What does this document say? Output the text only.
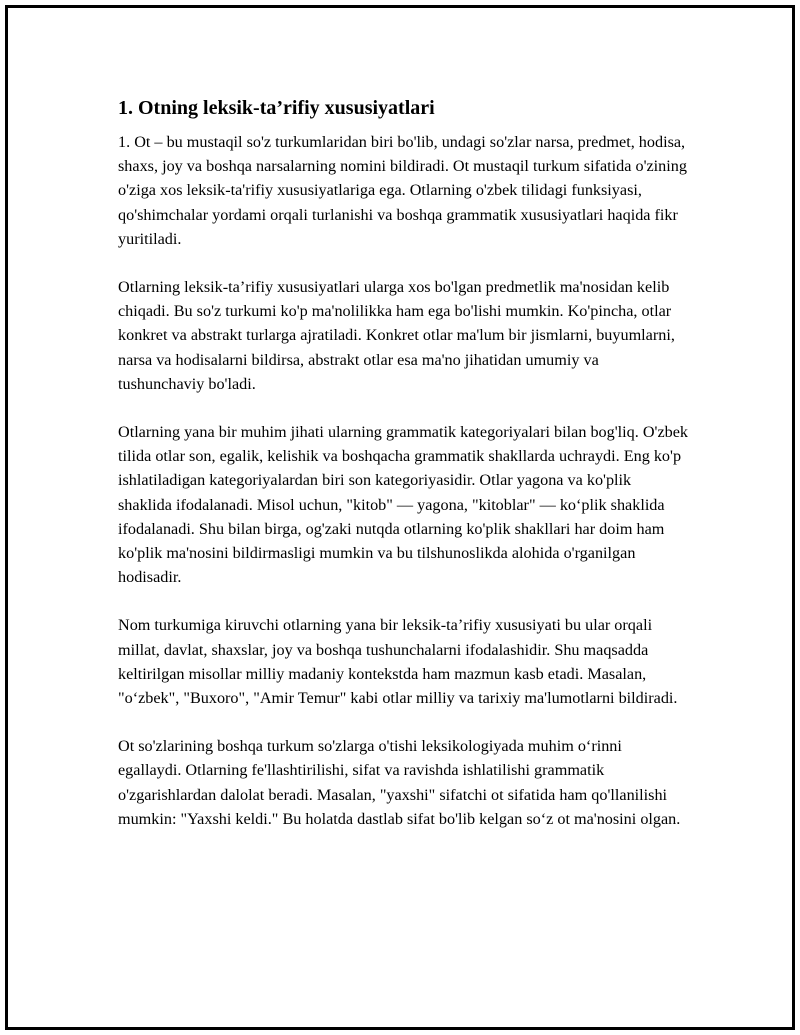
1. Otning leksik-ta’rifiy xususiyatlari

1. Ot – bu mustaqil so'z turkumlaridan biri bo'lib, undagi so'zlar narsa, predmet, hodisa, shaxs, joy va boshqa narsalarning nomini bildiradi. Ot mustaqil turkum sifatida o'zining o'ziga xos leksik-ta'rifiy xususiyatlariga ega. Otlarning o'zbek tilidagi funksiyasi, qo'shimchalar yordami orqali turlanishi va boshqa grammatik xususiyatlari haqida fikr yuritiladi.

Otlarning leksik-ta’rifiy xususiyatlari ularga xos bo'lgan predmetlik ma'nosidan kelib chiqadi. Bu so'z turkumi ko'p ma'nolilikka ham ega bo'lishi mumkin. Ko'pincha, otlar konkret va abstrakt turlarga ajratiladi. Konkret otlar ma'lum bir jismlarni, buyumlarni, narsa va hodisalarni bildirsa, abstrakt otlar esa ma'no jihatidan umumiy va tushunchaviy bo'ladi.

Otlarning yana bir muhim jihati ularning grammatik kategoriyalari bilan bog'liq. O'zbek tilida otlar son, egalik, kelishik va boshqacha grammatik shakllarda uchraydi. Eng ko'p ishlatiladigan kategoriyalardan biri son kategoriyasidir. Otlar yagona va ko'plik shaklida ifodalanadi. Misol uchun, "kitob" — yagona, "kitoblar" — ko‘plik shaklida ifodalanadi. Shu bilan birga, og'zaki nutqda otlarning ko'plik shakllari har doim ham ko'plik ma'nosini bildirmasligi mumkin va bu tilshunoslikda alohida o'rganilgan hodisadir.

Nom turkumiga kiruvchi otlarning yana bir leksik-ta’rifiy xususiyati bu ular orqali millat, davlat, shaxslar, joy va boshqa tushunchalarni ifodalashidir. Shu maqsadda keltirilgan misollar milliy madaniy kontekstda ham mazmun kasb etadi. Masalan, "o‘zbek", "Buxoro", "Amir Temur" kabi otlar milliy va tarixiy ma'lumotlarni bildiradi.

Ot so'zlarining boshqa turkum so'zlarga o'tishi leksikologiyada muhim o‘rinni egallaydi. Otlarning fe'llashtirilishi, sifat va ravishda ishlatilishi grammatik o'zgarishlardan dalolat beradi. Masalan, "yaxshi" sifatchi ot sifatida ham qo'llanilishi mumkin: "Yaxshi keldi." Bu holatda dastlab sifat bo'lib kelgan so‘z ot ma'nosini olgan.
